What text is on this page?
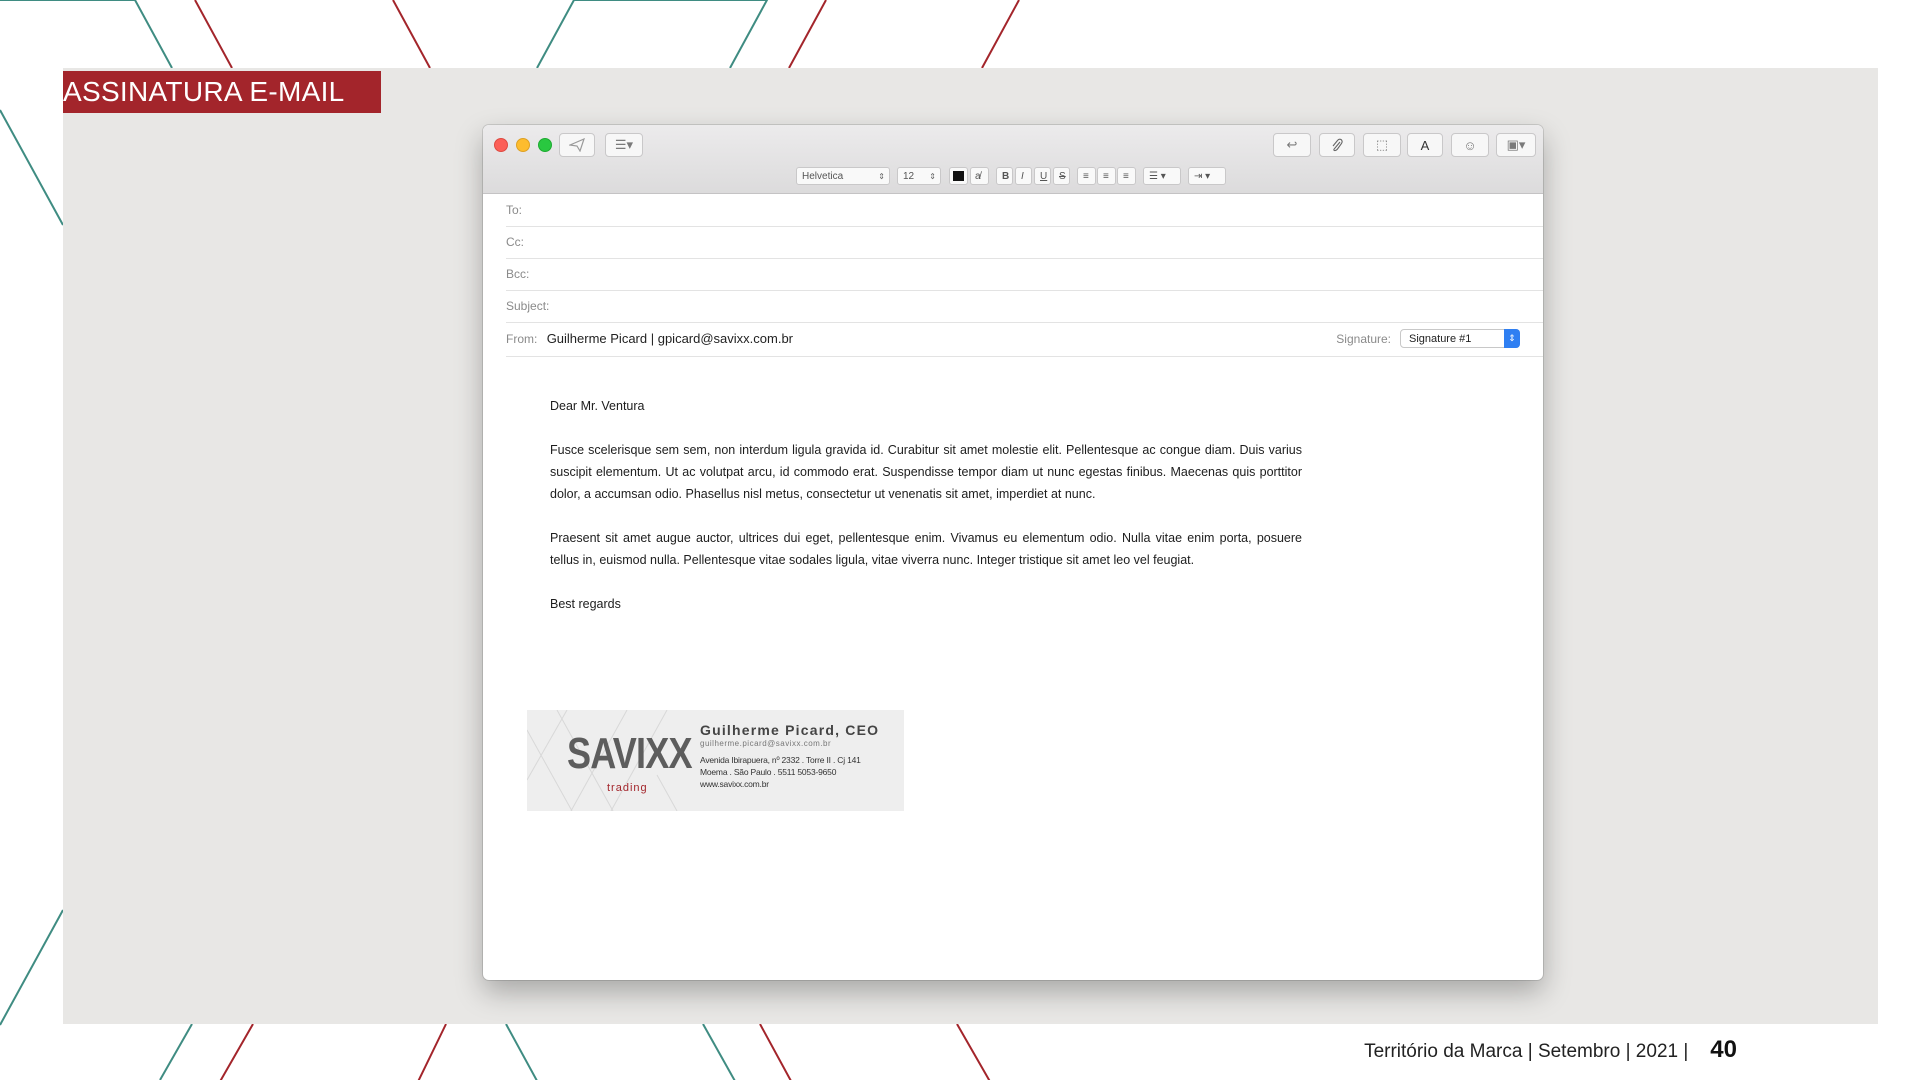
ASSINATURA E-MAIL
☰▾	↩	⬚	A	☺ ▣▾
Helvetica	⇕ 12 ⇕	a̸ B I U S ≡ ≡ ≡ ☰ ▾	⇥ ▾
To:
Cc:
Bcc:
Subject:
From: Guilherme Picard | gpicard@savixx.com.br	Signature:	Signature #1	⇕

Dear Mr. Ventura

Fusce scelerisque sem sem, non interdum ligula gravida id. Curabitur sit amet molestie elit. Pellentesque ac congue diam. Duis varius suscipit elementum. Ut ac volutpat arcu, id commodo erat. Suspendisse tempor diam ut nunc egestas finibus. Maecenas quis porttitor dolor, a accumsan odio. Phasellus nisl metus, consectetur ut venenatis sit amet, imperdiet at nunc.

Praesent sit amet augue auctor, ultrices dui eget, pellentesque enim. Vivamus eu elementum odio. Nulla vitae enim porta, posuere tellus in, euismod nulla. Pellentesque vitae sodales ligula, vitae viverra nunc. Integer tristique sit amet leo vel feugiat.

Best regards

SAVIXX
trading
Guilherme Picard, CEO
guilherme.picard@savixx.com.br
Avenida Ibirapuera, nº 2332 . Torre II . Cj 141
Moema . São Paulo . 5511 5053-9650
www.savixx.com.br
Território da Marca | Setembro | 2021 | 40
